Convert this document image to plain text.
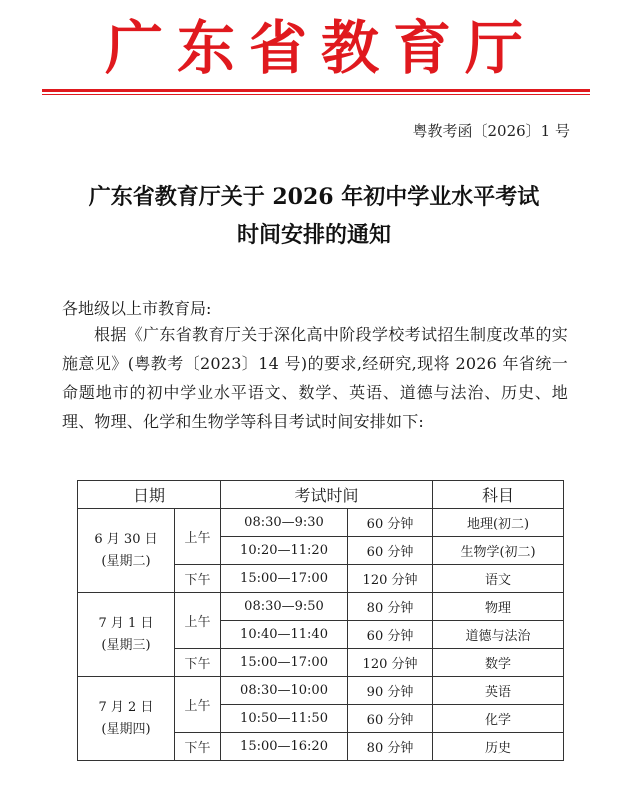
广东省教育厅
粤教考函〔2026〕1 号
广东省教育厅关于 2026 年初中学业水平考试
时间安排的通知
各地级以上市教育局:
根据《广东省教育厅关于深化高中阶段学校考试招生制度改革的实施意见》(粤教考〔2023〕14 号)的要求,经研究,现将 2026 年省统一命题地市的初中学业水平语文、数学、英语、道德与法治、历史、地理、物理、化学和生物学等科目考试时间安排如下:
日期		考试时间		科目

6 月 30 日
(星期二)	上午	08:30—9:30	60 分钟	地理(初二)
		10:20—11:20	60 分钟	生物学(初二)
	下午	15:00—17:00	120 分钟	语文

7 月 1 日
(星期三)	上午	08:30—9:50	80 分钟	物理
		10:40—11:40	60 分钟	道德与法治
	下午	15:00—17:00	120 分钟	数学

7 月 2 日
(星期四)	上午	08:30—10:00	90 分钟	英语
		10:50—11:50	60 分钟	化学
	下午	15:00—16:20	80 分钟	历史
